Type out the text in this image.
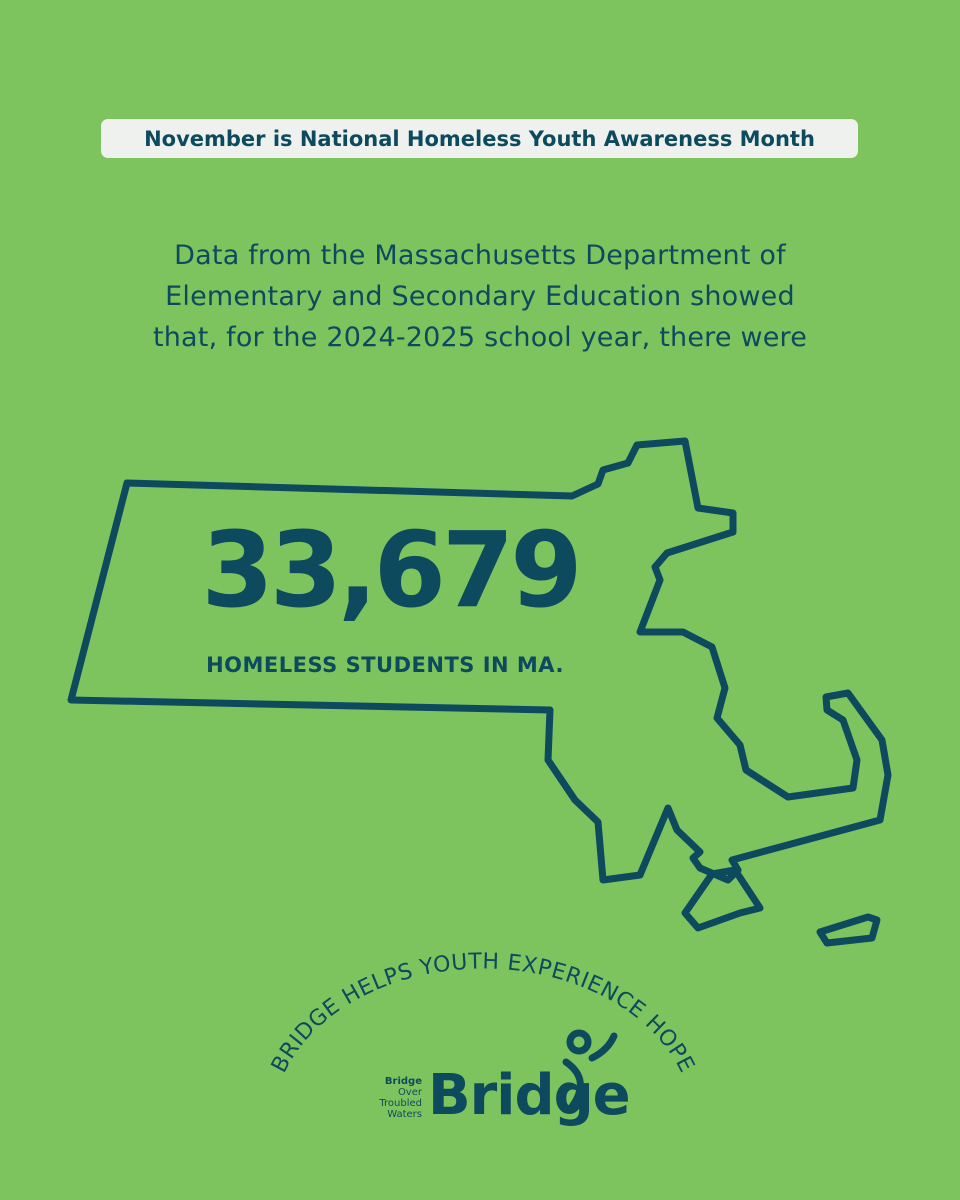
November is National Homeless Youth Awareness Month
Data from the Massachusetts Department of
Elementary and Secondary Education showed
that, for the 2024-2025 school year, there were
33,679
HOMELESS STUDENTS IN MA.
BRIDGE HELPS YOUTH EXPERIENCE HOPE
Bridge
Over
Troubled
Waters Bridge
